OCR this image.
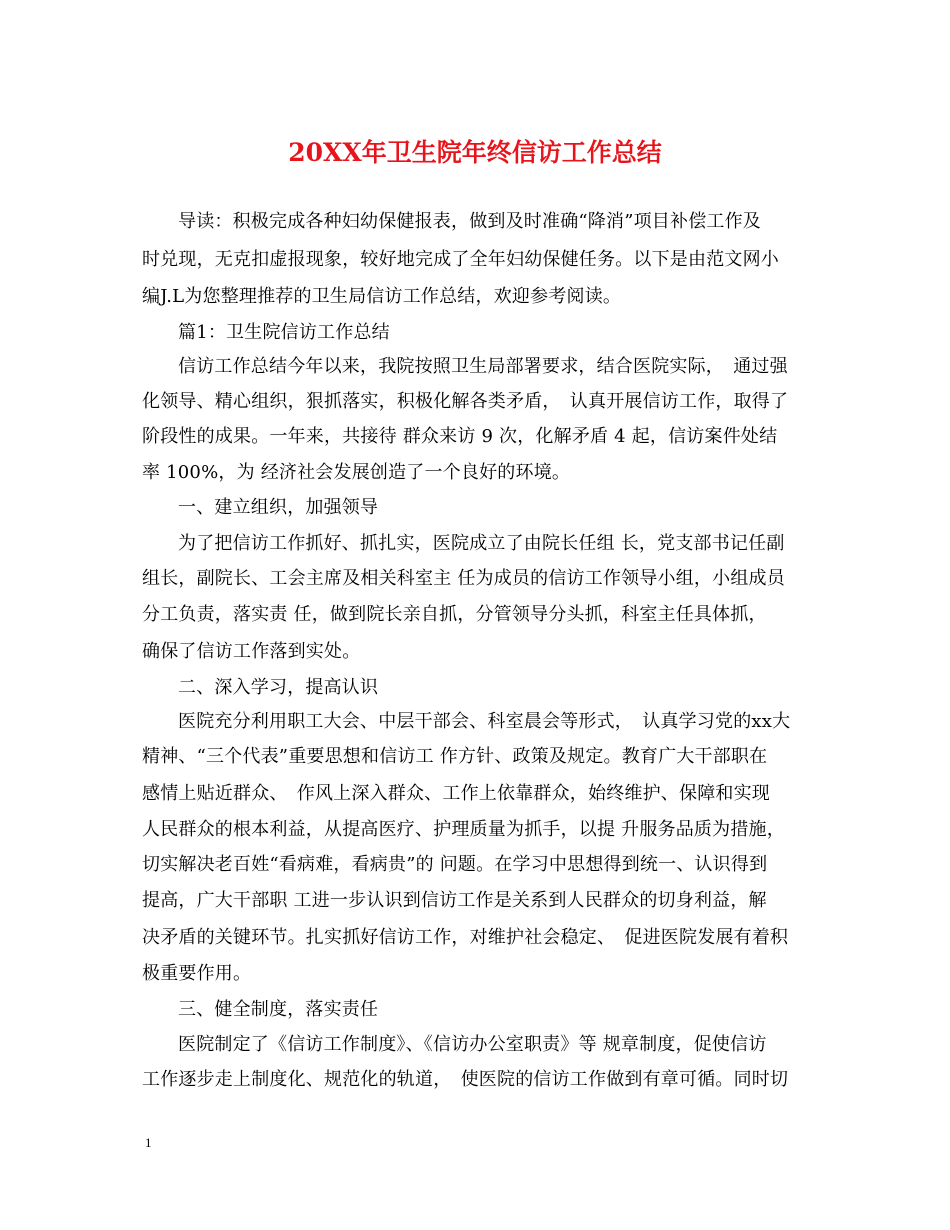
20XX年卫生院年终信访工作总结
导读：积极完成各种妇幼保健报表，做到及时准确“降消”项目补偿工作及
时兑现，无克扣虚报现象，较好地完成了全年妇幼保健任务。以下是由范文网小
编J.L为您整理推荐的卫生局信访工作总结，欢迎参考阅读。
篇1：卫生院信访工作总结
信访工作总结今年以来，我院按照卫生局部署要求，结合医院实际，　通过强
化领导、精心组织，狠抓落实，积极化解各类矛盾，　认真开展信访工作，取得了
阶段性的成果。一年来，共接待 群众来访 9 次，化解矛盾 4 起，信访案件处结
率 100%，为 经济社会发展创造了一个良好的环境。
一、建立组织，加强领导
为了把信访工作抓好、抓扎实，医院成立了由院长任组 长，党支部书记任副
组长，副院长、工会主席及相关科室主 任为成员的信访工作领导小组，小组成员
分工负责，落实责 任，做到院长亲自抓，分管领导分头抓，科室主任具体抓，
确保了信访工作落到实处。
二、深入学习，提高认识
医院充分利用职工大会、中层干部会、科室晨会等形式，　认真学习党的xx大
精神、“三个代表”重要思想和信访工 作方针、政策及规定。教育广大干部职在
感情上贴近群众、　作风上深入群众、工作上依靠群众，始终维护、保障和实现
人民群众的根本利益，从提高医疗、护理质量为抓手，以提 升服务品质为措施，
切实解决老百姓“看病难，看病贵”的 问题。在学习中思想得到统一、认识得到
提高，广大干部职 工进一步认识到信访工作是关系到人民群众的切身利益，解
决矛盾的关键环节。扎实抓好信访工作，对维护社会稳定、　促进医院发展有着积
极重要作用。
三、健全制度，落实责任
医院制定了《信访工作制度》、《信访办公室职责》等 规章制度，促使信访
工作逐步走上制度化、规范化的轨道，　使医院的信访工作做到有章可循。同时切
1
